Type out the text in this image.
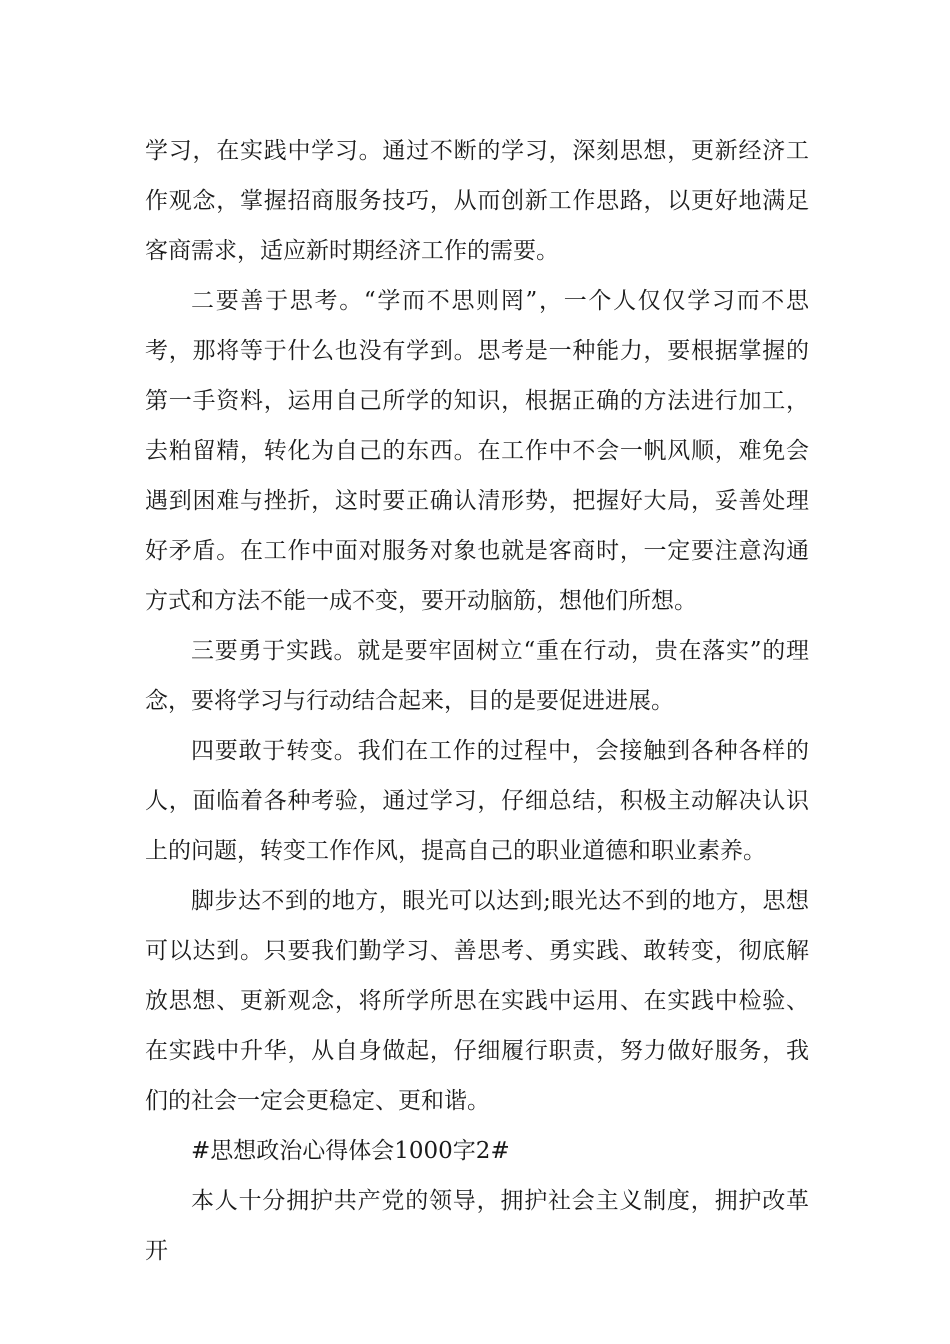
学习，在实践中学习。通过不断的学习，深刻思想，更新经济工作观念，掌握招商服务技巧，从而创新工作思路，以更好地满足客商需求，适应新时期经济工作的需要。

二要善于思考。“学而不思则罔”，一个人仅仅学习而不思考，那将等于什么也没有学到。思考是一种能力，要根据掌握的第一手资料，运用自己所学的知识，根据正确的方法进行加工，去粕留精，转化为自己的东西。在工作中不会一帆风顺，难免会遇到困难与挫折，这时要正确认清形势，把握好大局，妥善处理好矛盾。在工作中面对服务对象也就是客商时，一定要注意沟通方式和方法不能一成不变，要开动脑筋，想他们所想。

三要勇于实践。就是要牢固树立“重在行动，贵在落实”的理念，要将学习与行动结合起来，目的是要促进进展。

四要敢于转变。我们在工作的过程中，会接触到各种各样的人，面临着各种考验，通过学习，仔细总结，积极主动解决认识上的问题，转变工作作风，提高自己的职业道德和职业素养。

脚步达不到的地方，眼光可以达到;眼光达不到的地方，思想可以达到。只要我们勤学习、善思考、勇实践、敢转变，彻底解放思想、更新观念，将所学所思在实践中运用、在实践中检验、在实践中升华，从自身做起，仔细履行职责，努力做好服务，我们的社会一定会更稳定、更和谐。

#思想政治心得体会1000字2#

本人十分拥护共产党的领导，拥护社会主义制度，拥护改革开
